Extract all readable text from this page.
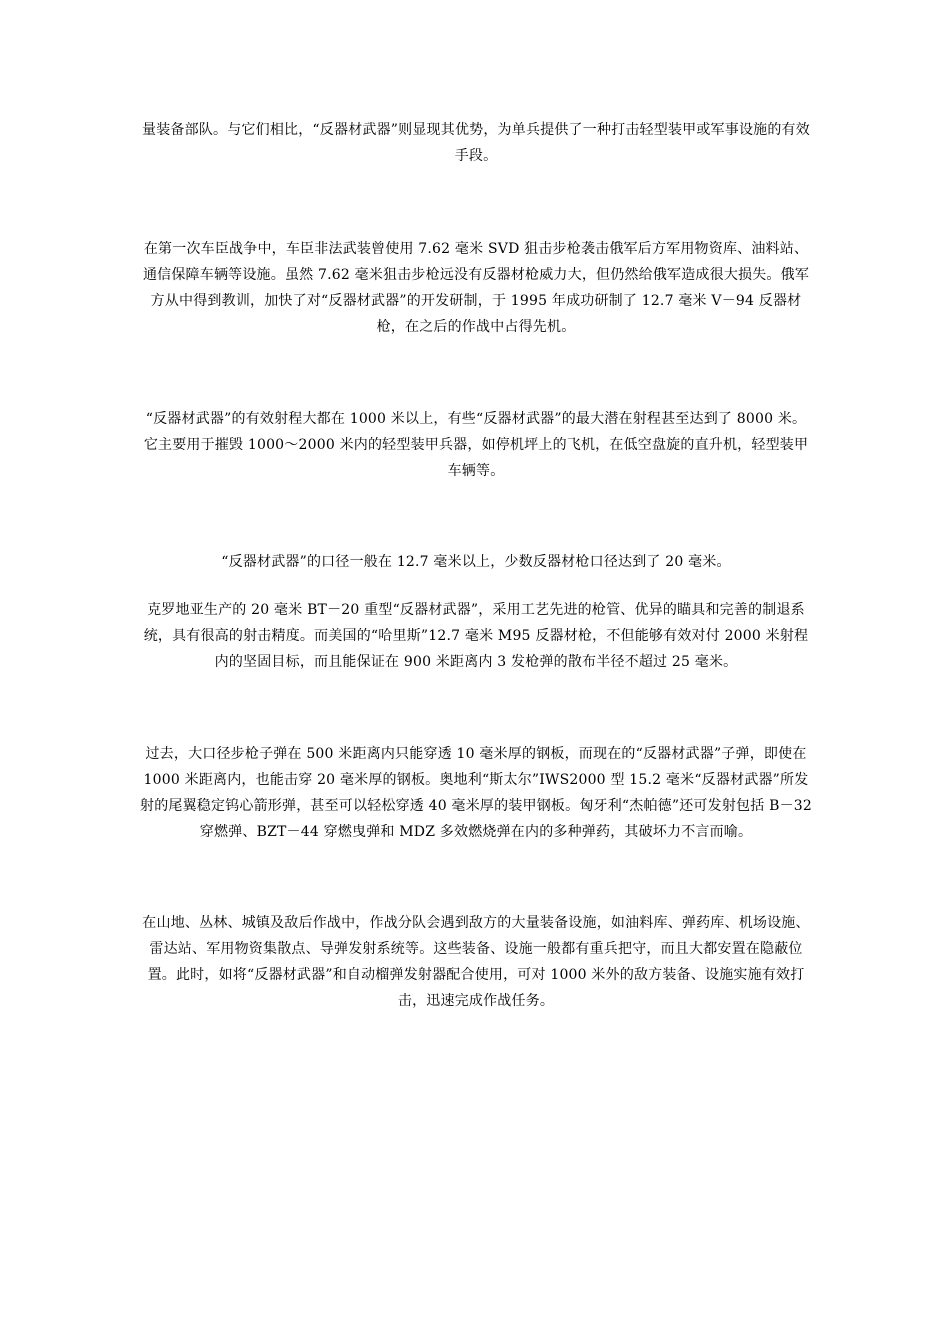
量装备部队。与它们相比，“反器材武器”则显现其优势，为单兵提供了一种打击轻型装甲或军事设施的有效手段。

在第一次车臣战争中，车臣非法武装曾使用 7.62 毫米 SVD 狙击步枪袭击俄军后方军用物资库、油料站、通信保障车辆等设施。虽然 7.62 毫米狙击步枪远没有反器材枪威力大，但仍然给俄军造成很大损失。俄军方从中得到教训，加快了对“反器材武器”的开发研制，于 1995 年成功研制了 12.7 毫米 V－94 反器材枪，在之后的作战中占得先机。

“反器材武器”的有效射程大都在 1000 米以上，有些“反器材武器”的最大潜在射程甚至达到了 8000 米。它主要用于摧毁 1000～2000 米内的轻型装甲兵器，如停机坪上的飞机，在低空盘旋的直升机，轻型装甲车辆等。

“反器材武器”的口径一般在 12.7 毫米以上，少数反器材枪口径达到了 20 毫米。

克罗地亚生产的 20 毫米 BT－20 重型“反器材武器”，采用工艺先进的枪管、优异的瞄具和完善的制退系统，具有很高的射击精度。而美国的“哈里斯”12.7 毫米 M95 反器材枪，不但能够有效对付 2000 米射程内的坚固目标，而且能保证在 900 米距离内 3 发枪弹的散布半径不超过 25 毫米。

过去，大口径步枪子弹在 500 米距离内只能穿透 10 毫米厚的钢板，而现在的“反器材武器”子弹，即使在 1000 米距离内，也能击穿 20 毫米厚的钢板。奥地利“斯太尔”IWS2000 型 15.2 毫米“反器材武器”所发射的尾翼稳定钨心箭形弹，甚至可以轻松穿透 40 毫米厚的装甲钢板。匈牙利“杰帕德”还可发射包括 B－32 穿燃弹、BZT－44 穿燃曳弹和 MDZ 多效燃烧弹在内的多种弹药，其破坏力不言而喻。

在山地、丛林、城镇及敌后作战中，作战分队会遇到敌方的大量装备设施，如油料库、弹药库、机场设施、雷达站、军用物资集散点、导弹发射系统等。这些装备、设施一般都有重兵把守，而且大都安置在隐蔽位置。此时，如将“反器材武器”和自动榴弹发射器配合使用，可对 1000 米外的敌方装备、设施实施有效打击，迅速完成作战任务。
